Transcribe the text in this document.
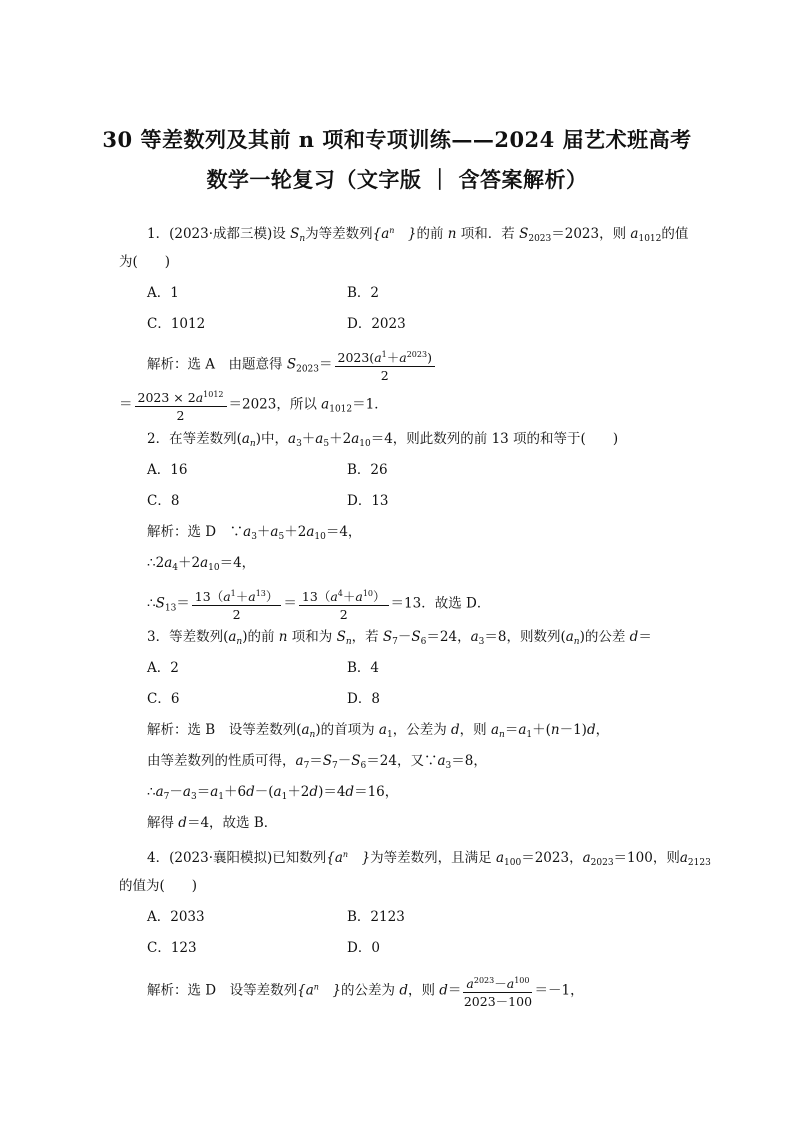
30 等差数列及其前 n 项和专项训练——2024 届艺术班高考
数学一轮复习（文字版 ｜ 含答案解析）
1．(2023·成都三模)设 $S_n$为等差数列{$a^n$　 }的前 n 项和．若 $S_{2023}=2023$，则 $a_{1012}$的值
为(　　)
A．1	B．2
C．1012	D．2023
解析：选 A　由题意得 $S_{2023}= \frac{2023(a^1+a^{2023})}{2}$
＝ $\frac{2023 \times 2a^{1012}}{2} =2023$，所以 $a_{1012}=1$．
2．在等差数列$(a_n)$中，$a_3+a_5+2a_{10}=4$，则此数列的前 13 项的和等于(　　)
A．16	B．26
C．8	D．13
解析：选 D　$\because a_3+a_5+2a_{10}=4$，
$\therefore 2a_4+2a_{10}=4$，
$\therefore S_{13}= \frac{13(a^1+a^{13})}{2} = \frac{13(a^4+a^{10})}{2} =13$．故选 D．
3．等差数列$(a_n)$的前 n 项和为 $S_n$，若 $S_7-S_6=24$，$a_3=8$，则数列$(a_n)$的公差 d＝
A．2	B．4
C．6	D．8
解析：选 B　设等差数列$(a_n)$的首项为 $a_1$，公差为 d，则 $a_n=a_1+(n-1)d$，
由等差数列的性质可得，$a_7=S_7-S_6=24$，又$\because a_3=8$，
$\therefore a_7-a_3=a_1+6d-(a_1+2d)=4d=16$，
解得 d＝4，故选 B．
4．(2023·襄阳模拟)已知数列{$a^n$　 }为等差数列，且满足 $a_{100}=2023$，$a_{2023}=100$，则$a_{2123}$
的值为(　　)
A．2033	B．2123
C．123	D．0
解析：选 D　设等差数列{$a^n$　 }的公差为 d，则 $d= \frac{a^{2023}-a^{100}}{2023-100} =-1$，
